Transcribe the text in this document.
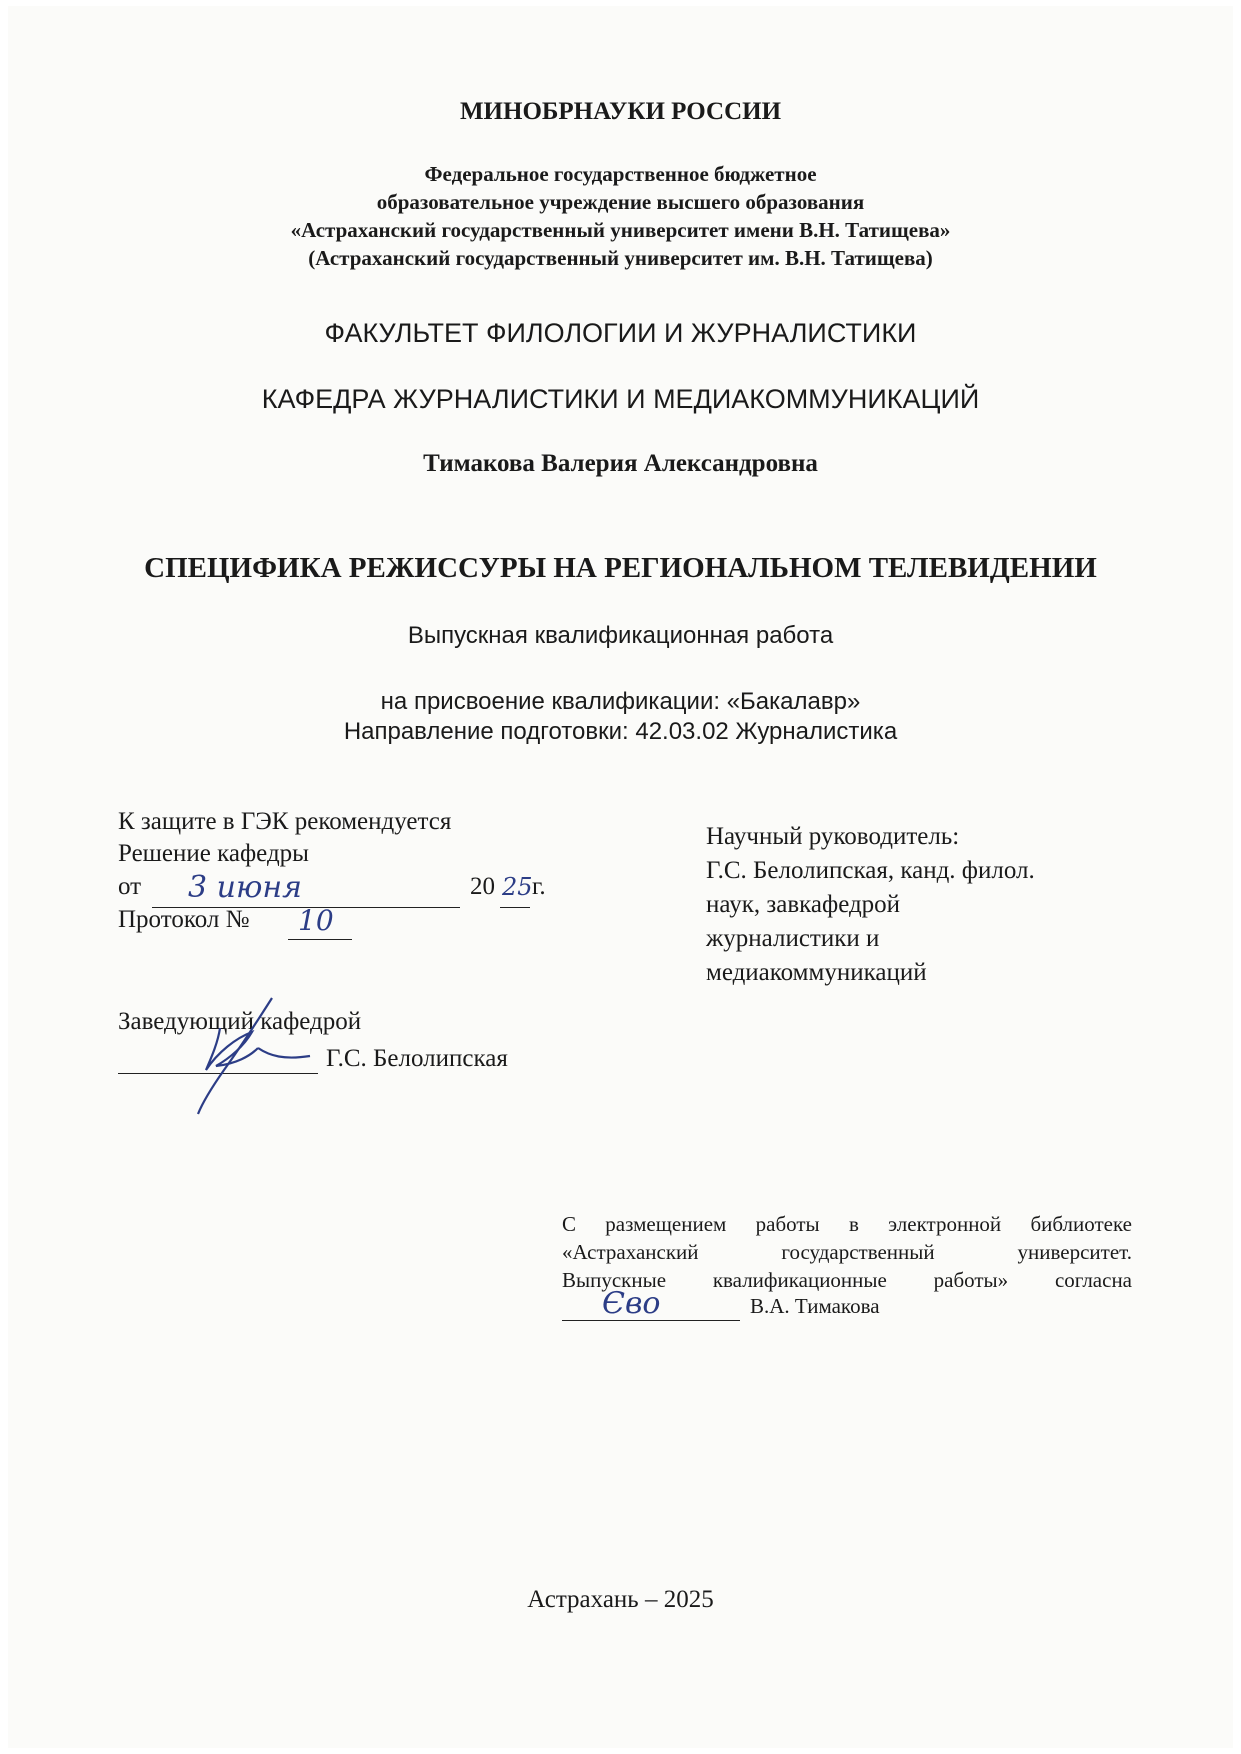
МИНОБРНАУКИ РОССИИ
Федеральное государственное бюджетное
образовательное учреждение высшего образования
«Астраханский государственный университет имени В.Н. Татищева»
(Астраханский государственный университет им. В.Н. Татищева)
ФАКУЛЬТЕТ ФИЛОЛОГИИ И ЖУРНАЛИСТИКИ
КАФЕДРА ЖУРНАЛИСТИКИ И МЕДИАКОММУНИКАЦИЙ
Тимакова Валерия Александровна
СПЕЦИФИКА РЕЖИССУРЫ НА РЕГИОНАЛЬНОМ ТЕЛЕВИДЕНИИ
Выпускная квалификационная работа
на присвоение квалификации: «Бакалавр»
Направление подготовки: 42.03.02 Журналистика
К защите в ГЭК рекомендуется
Решение кафедры
от 3 июня	20 25 г.
Протокол № 10
Заведующий кафедрой
Г.С. Белолипская
Научный руководитель:
Г.С. Белолипская, канд. филол.
наук, завкафедрой
журналистики и
медиакоммуникаций
С размещением работы в электронной библиотеке
«Астраханский государственный университет.
Выпускные квалификационные работы» согласна
Єво	В.А. Тимакова
Астрахань – 2025
